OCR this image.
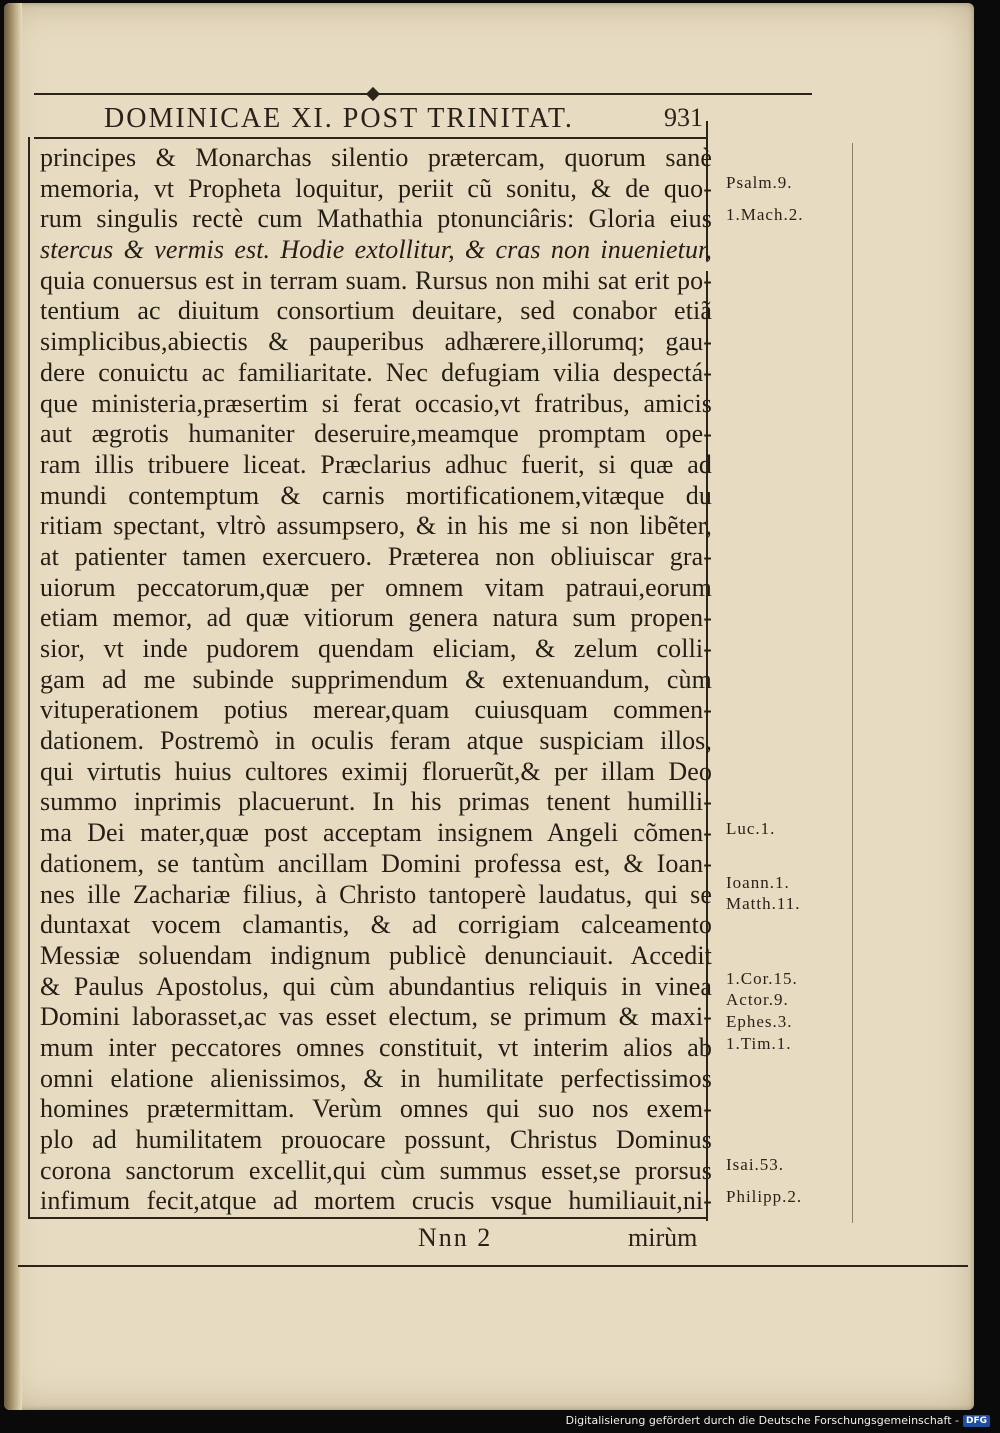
DOMINICAE XI. POST TRINITAT.	931
principes & Monarchas silentio prætercam, quorum sanè
memoria, vt Propheta loquitur, periit cũ sonitu, & de quo-
rum singulis rectè cum Mathathia ptonunciâris: Gloria eius
stercus & vermis est. Hodie extollitur, & cras non inuenietur,
quia conuersus est in terram suam. Rursus non mihi sat erit po-
tentium ac diuitum consortium deuitare, sed conabor etiã
simplicibus,abiectis & pauperibus adhærere,illorumq; gau-
dere conuictu ac familiaritate. Nec defugiam vilia despectá-
que ministeria,præsertim si ferat occasio,vt fratribus, amicis
aut ægrotis humaniter deseruire,meamque promptam ope-
ram illis tribuere liceat. Præclarius adhuc fuerit, si quæ ad
mundi contemptum & carnis mortificationem,vitæque du
ritiam spectant, vltrò assumpsero, & in his me si non libẽter,
at patienter tamen exercuero. Præterea non obliuiscar gra-
uiorum peccatorum,quæ per omnem vitam patraui,eorum
etiam memor, ad quæ vitiorum genera natura sum propen-
sior, vt inde pudorem quendam eliciam, & zelum colli-
gam ad me subinde supprimendum & extenuandum, cùm
vituperationem potius merear,quam cuiusquam commen-
dationem. Postremò in oculis feram atque suspiciam illos,
qui virtutis huius cultores eximij floruerũt,& per illam Deo
summo inprimis placuerunt. In his primas tenent humilli-
ma Dei mater,quæ post acceptam insignem Angeli cõmen-
dationem, se tantùm ancillam Domini professa est, & Ioan-
nes ille Zachariæ filius, à Christo tantoperè laudatus, qui se
duntaxat vocem clamantis, & ad corrigiam calceamento
Messiæ soluendam indignum publicè denunciauit. Accedit
& Paulus Apostolus, qui cùm abundantius reliquis in vinea
Domini laborasset,ac vas esset electum, se primum & maxi-
mum inter peccatores omnes constituit, vt interim alios ab
omni elatione alienissimos, & in humilitate perfectissimos
homines prætermittam. Verùm omnes qui suo nos exem-
plo ad humilitatem prouocare possunt, Christus Dominus
corona sanctorum excellit,qui cùm summus esset,se prorsus
infimum fecit,atque ad mortem crucis vsque humiliauit,ni-
Psalm.9.
1.Mach.2.
Luc.1.
Ioann.1.
Matth.11.
1.Cor.15.
Actor.9.
Ephes.3.
1.Tim.1.
Isai.53.
Philipp.2.
Nnn 2	mirùm
Digitalisierung gefördert durch die Deutsche Forschungsgemeinschaft - DFG
